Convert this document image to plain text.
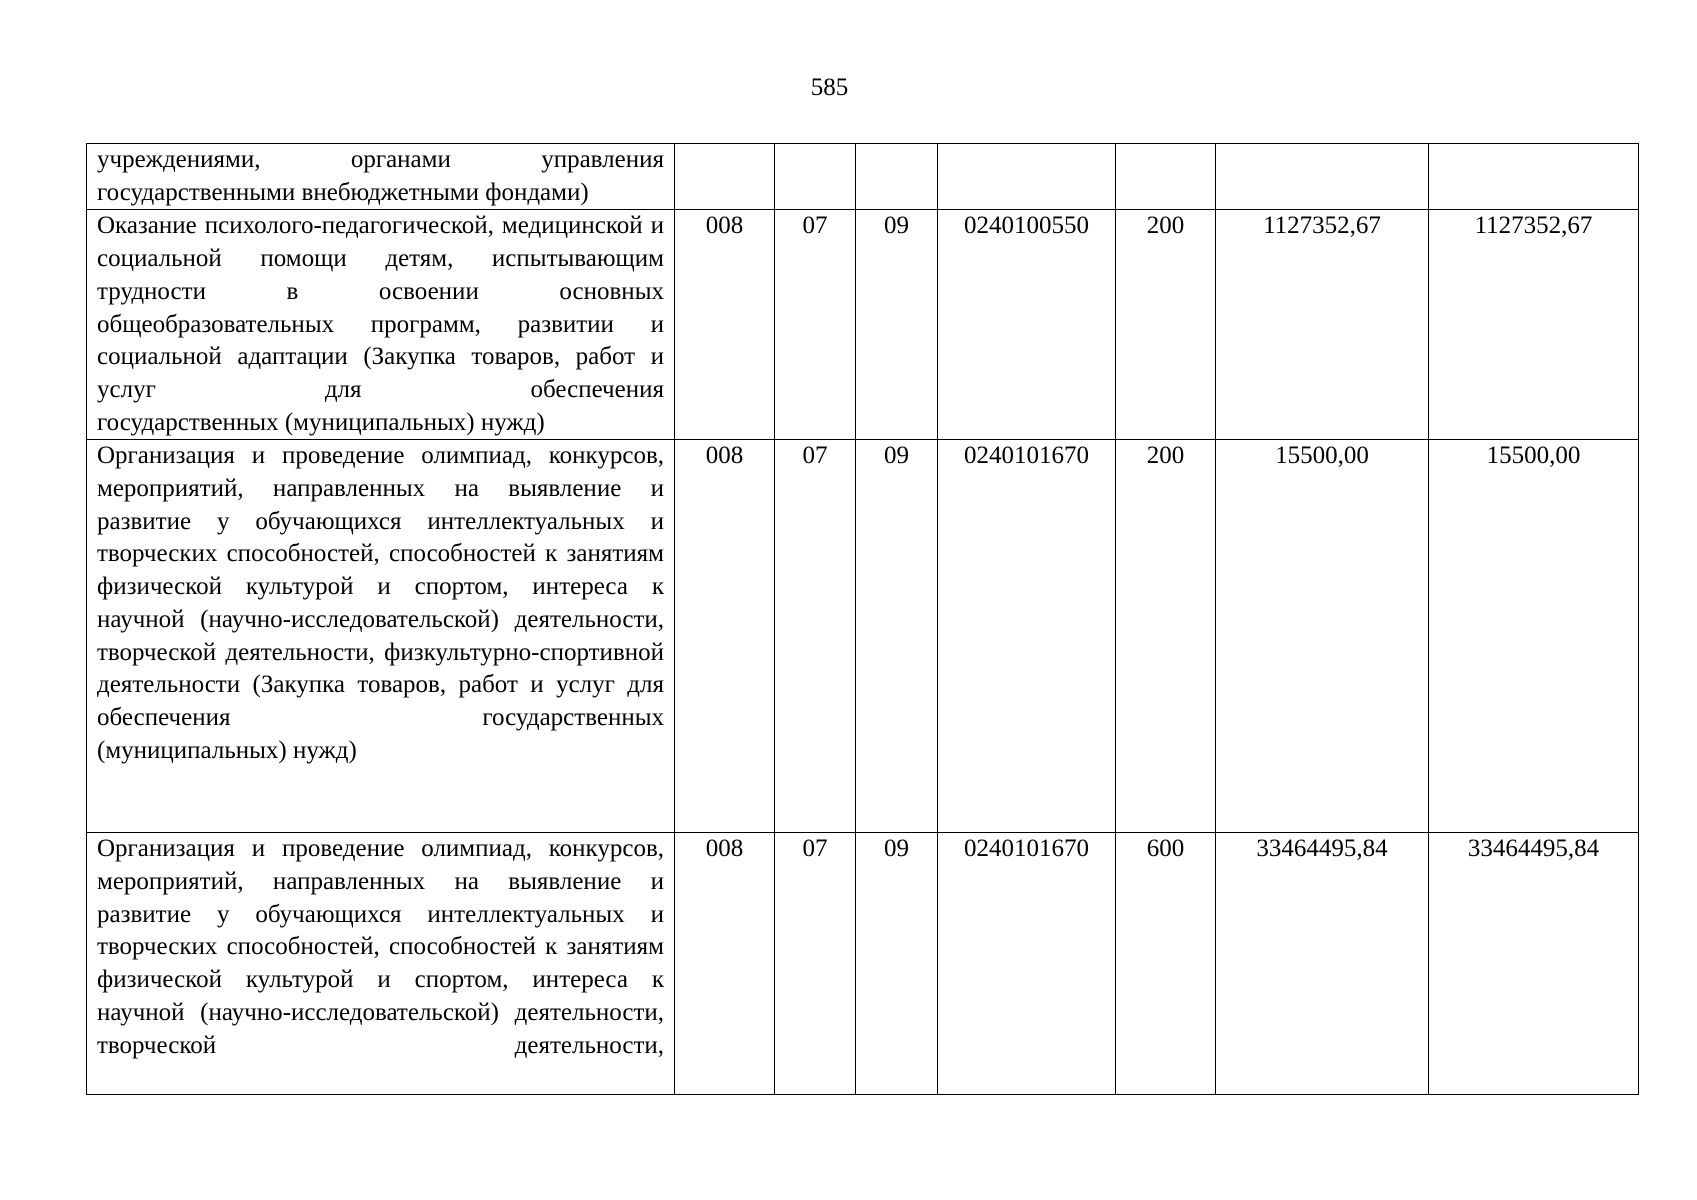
585
учреждениями, органами управления
государственными внебюджетными фондами)							

Оказание психолого-педагогической, медицинской и социальной помощи детям, испытывающим трудности в освоении основных общеобразовательных программ, развитии и социальной адаптации (Закупка товаров, работ и услуг для обеспечения
государственных (муниципальных) нужд)	008	07	09	0240100550	200	1127352,67	1127352,67
Организация и проведение олимпиад, конкурсов, мероприятий, направленных на выявление и развитие у обучающихся интеллектуальных и творческих способностей, способностей к занятиям физической культурой и спортом, интереса к научной (научно-исследовательской) деятельности, творческой деятельности, физкультурно-спортивной деятельности (Закупка товаров, работ и услуг для обеспечения государственных
(муниципальных) нужд)	008	07	09	0240101670	200	15500,00	15500,00
Организация и проведение олимпиад, конкурсов, мероприятий, направленных на выявление и развитие у обучающихся интеллектуальных и творческих способностей, способностей к занятиям физической культурой и спортом, интереса к научной (научно-исследовательской) деятельности, творческой деятельности,	008	07	09	0240101670	600	33464495,84	33464495,84
